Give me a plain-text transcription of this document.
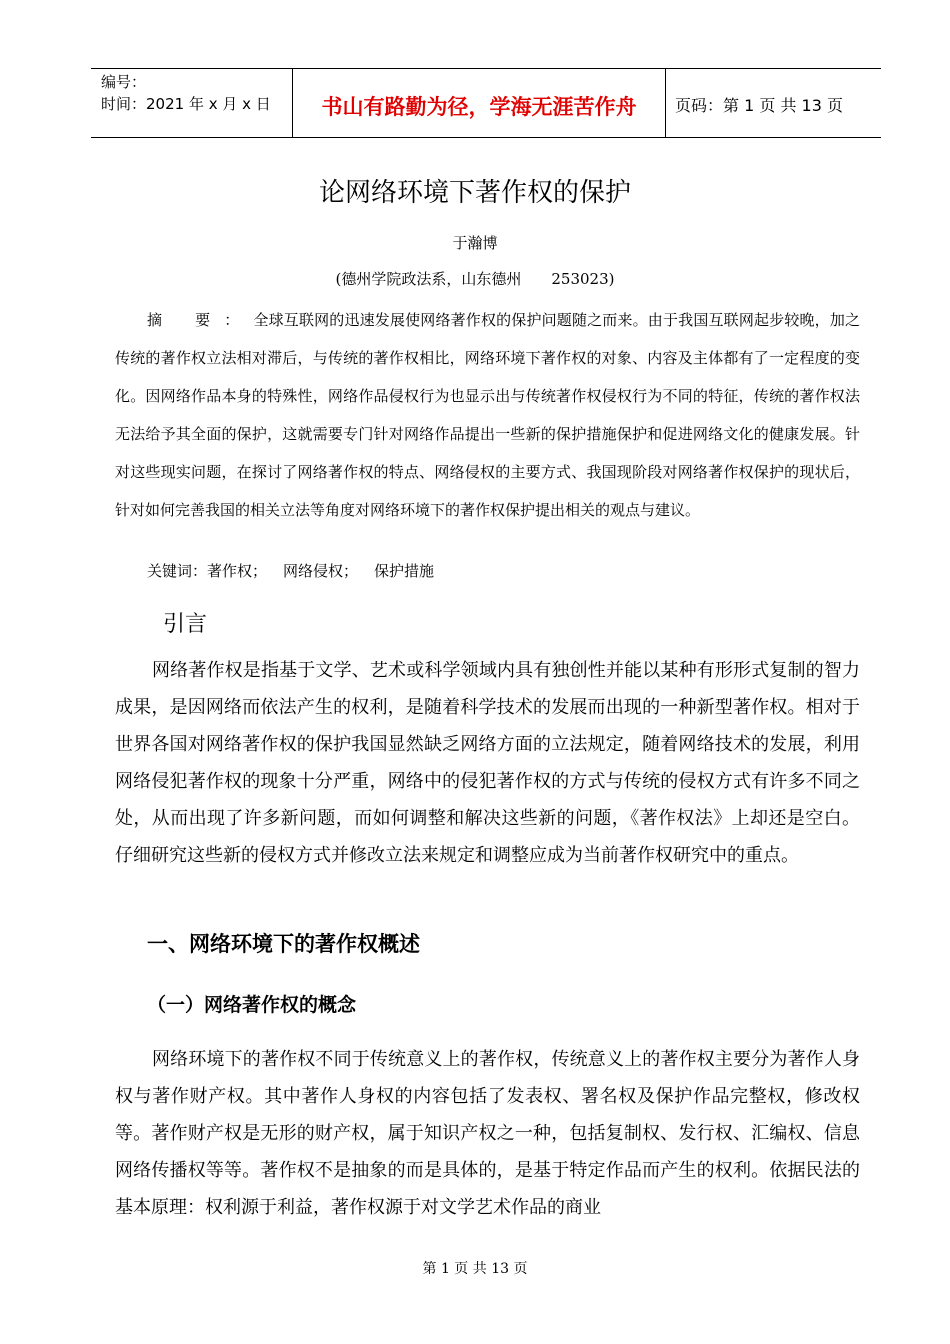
编号：
时间：2021 年 x 月 x 日	书山有路勤为径，学海无涯苦作舟	页码：第 1 页 共 13 页
论网络环境下著作权的保护
于瀚博
(德州学院政法系，山东德州 253023)
摘 要：全球互联网的迅速发展使网络著作权的保护问题随之而来。由于我国互联网起步较晚，加之传统的著作权立法相对滞后，与传统的著作权相比，网络环境下著作权的对象、内容及主体都有了一定程度的变化。因网络作品本身的特殊性，网络作品侵权行为也显示出与传统著作权侵权行为不同的特征，传统的著作权法无法给予其全面的保护，这就需要专门针对网络作品提出一些新的保护措施保护和促进网络文化的健康发展。针对这些现实问题，在探讨了网络著作权的特点、网络侵权的主要方式、我国现阶段对网络著作权保护的现状后，针对如何完善我国的相关立法等角度对网络环境下的著作权保护提出相关的观点与建议。
关键词：著作权； 网络侵权； 保护措施
引言
网络著作权是指基于文学、艺术或科学领域内具有独创性并能以某种有形形式复制的智力成果，是因网络而依法产生的权利，是随着科学技术的发展而出现的一种新型著作权。相对于世界各国对网络著作权的保护我国显然缺乏网络方面的立法规定，随着网络技术的发展，利用网络侵犯著作权的现象十分严重，网络中的侵犯著作权的方式与传统的侵权方式有许多不同之处，从而出现了许多新问题，而如何调整和解决这些新的问题，《著作权法》上却还是空白。仔细研究这些新的侵权方式并修改立法来规定和调整应成为当前著作权研究中的重点。
一、网络环境下的著作权概述
（一）网络著作权的概念
网络环境下的著作权不同于传统意义上的著作权，传统意义上的著作权主要分为著作人身权与著作财产权。其中著作人身权的内容包括了发表权、署名权及保护作品完整权，修改权等。著作财产权是无形的财产权，属于知识产权之一种，包括复制权、发行权、汇编权、信息网络传播权等等。著作权不是抽象的而是具体的，是基于特定作品而产生的权利。依据民法的基本原理：权利源于利益，著作权源于对文学艺术作品的商业
第 1 页 共 13 页
